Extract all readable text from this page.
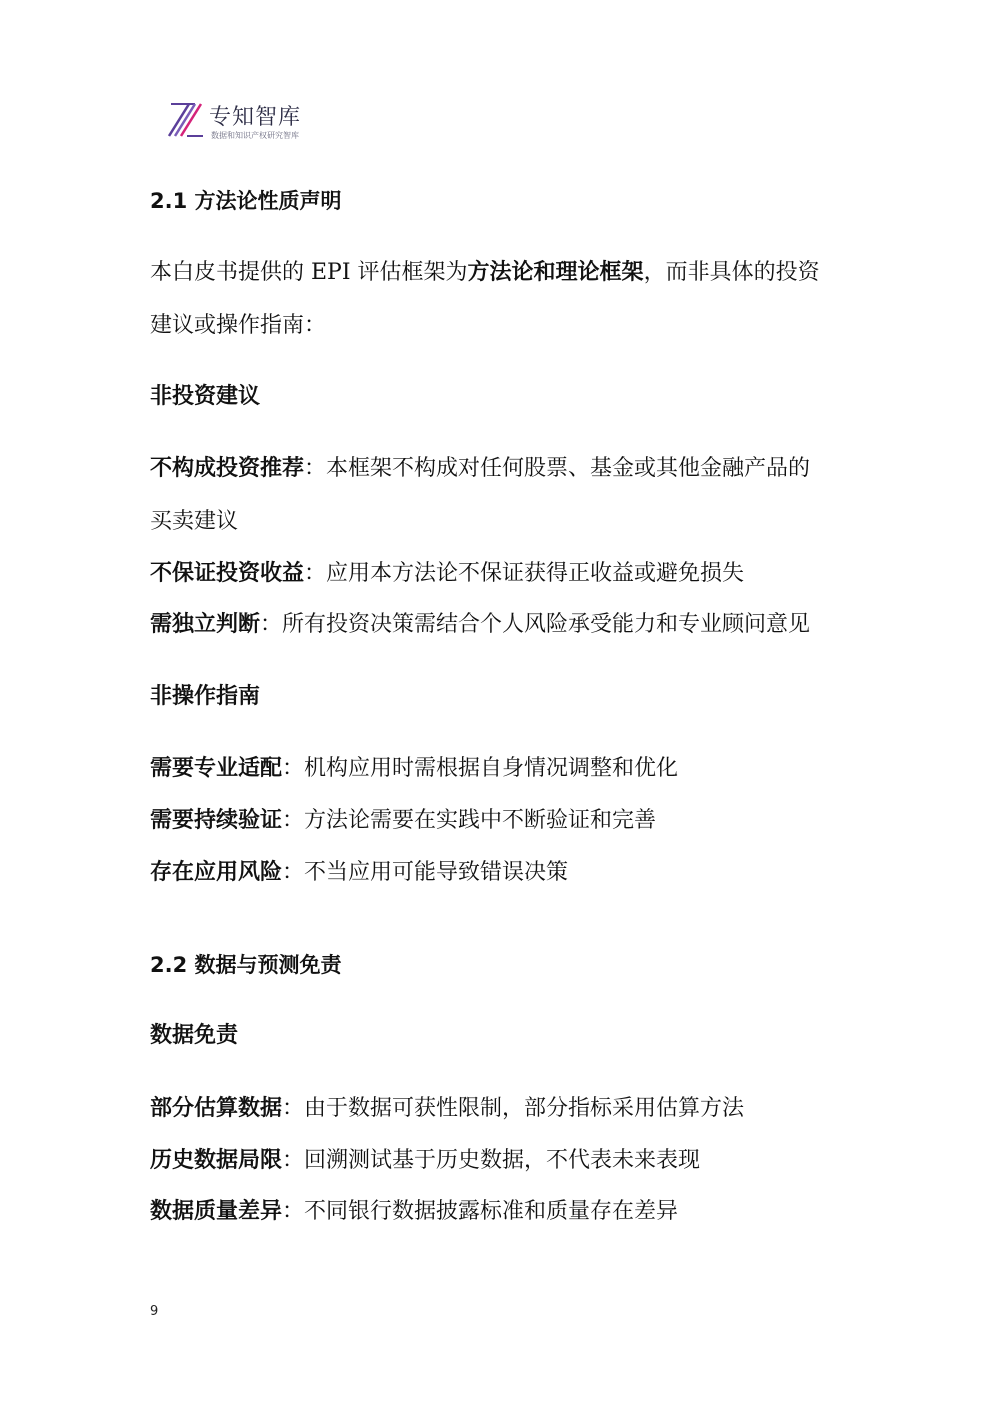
专知智库
数据和知识产权研究智库
2.1 方法论性质声明
本白皮书提供的 EPI 评估框架为方法论和理论框架，而非具体的投资
建议或操作指南：
非投资建议
不构成投资推荐：本框架不构成对任何股票、基金或其他金融产品的
买卖建议
不保证投资收益：应用本方法论不保证获得正收益或避免损失
需独立判断：所有投资决策需结合个人风险承受能力和专业顾问意见
非操作指南
需要专业适配：机构应用时需根据自身情况调整和优化
需要持续验证：方法论需要在实践中不断验证和完善
存在应用风险：不当应用可能导致错误决策
2.2 数据与预测免责
数据免责
部分估算数据：由于数据可获性限制，部分指标采用估算方法
历史数据局限：回溯测试基于历史数据，不代表未来表现
数据质量差异：不同银行数据披露标准和质量存在差异
9
